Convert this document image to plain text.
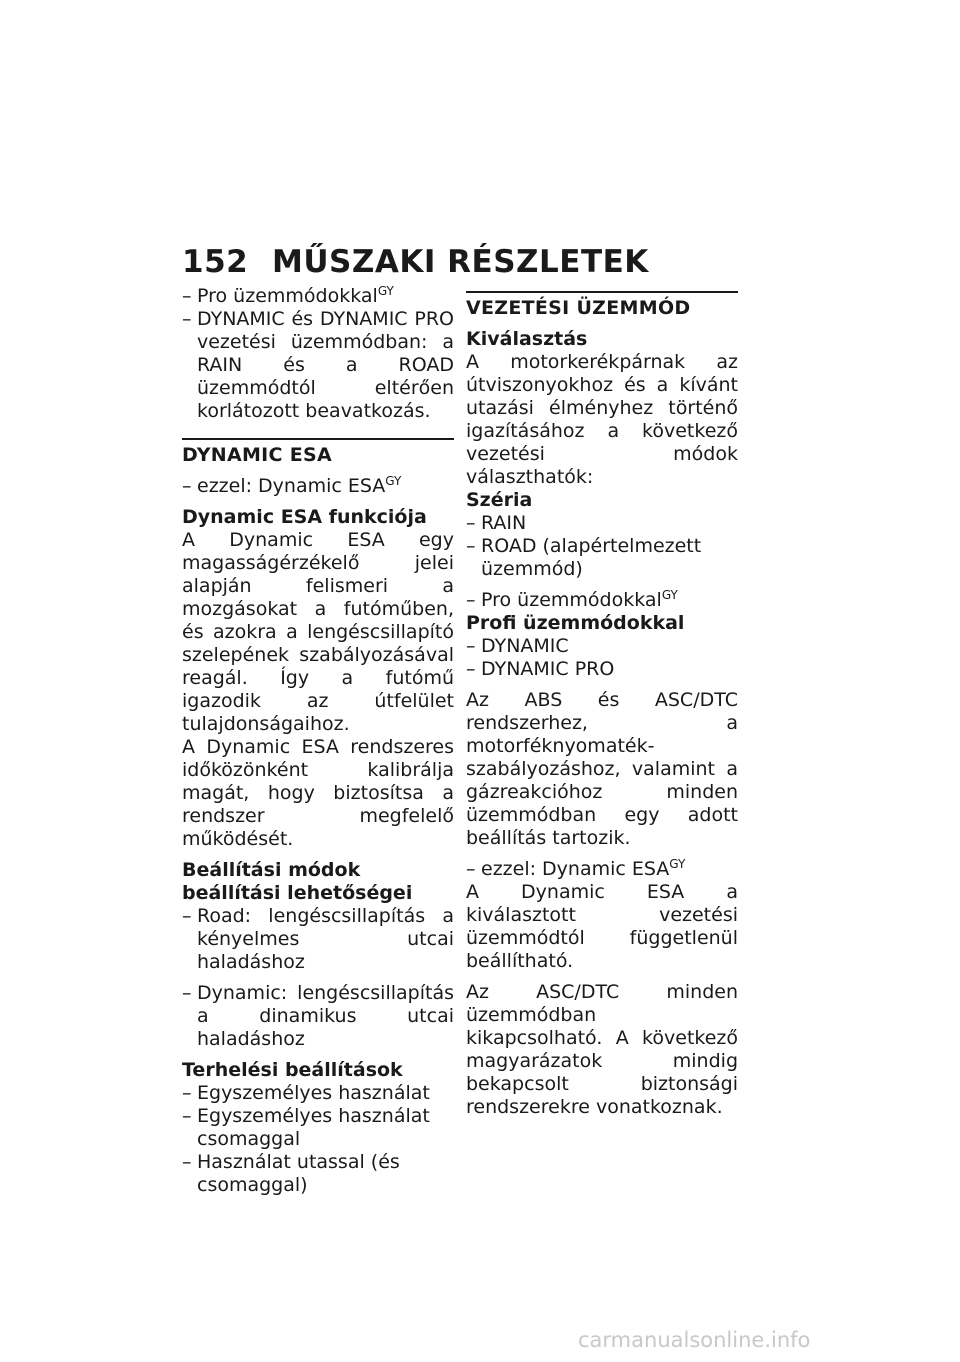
152 MŰSZAKI RÉSZLETEK
– Pro üzemmódokkal$^{GY}$
– DYNAMIC és DYNAMIC PRO vezetési üzemmódban: a RAIN és a ROAD üzemmódtól eltérően korlátozott beavatkozás.
DYNAMIC ESA
– ezzel: Dynamic $ESA^{GY}$
Dynamic ESA funkciója
A Dynamic ESA egy magasságérzékelő jelei alapján felismeri a mozgásokat a futóműben, és azokra a lengéscsillapító szelepének szabályozásával reagál. Így a futómű igazodik az útfelület tulajdonságaihoz.
A Dynamic ESA rendszeres időközönként kalibrálja magát, hogy biztosítsa a rendszer megfelelő működését.
Beállítási módok
beállítási lehetőségei
– Road: lengéscsillapítás a kényelmes utcai haladáshoz
– Dynamic: lengéscsillapítás a dinamikus utcai haladáshoz
Terhelési beállítások
– Egyszemélyes használat
– Egyszemélyes használat csomaggal
– Használat utassal (és csomaggal)
VEZETÉSI ÜZEMMÓD
Kiválasztás
A motorkerékpárnak az útviszonyokhoz és a kívánt utazási élményhez történő igazításához a következő vezetési módok választhatók:
Széria
– RAIN
– ROAD (alapértelmezett üzemmód)
– Pro üzemmódokkal$^{GY}$
Profi üzemmódokkal
– DYNAMIC
– DYNAMIC PRO
Az ABS és ASC/DTC rendszerhez, a motorféknyomaték-szabályozáshoz, valamint a gázreakcióhoz minden üzemmódban egy adott beállítás tartozik.
– ezzel: Dynamic $ESA^{GY}$
A Dynamic ESA a kiválasztott vezetési üzemmódtól függetlenül beállítható.
Az ASC/DTC minden üzemmódban kikapcsolható. A következő magyarázatok mindig bekapcsolt biztonsági rendszerekre vonatkoznak.
carmanualsonline.info
